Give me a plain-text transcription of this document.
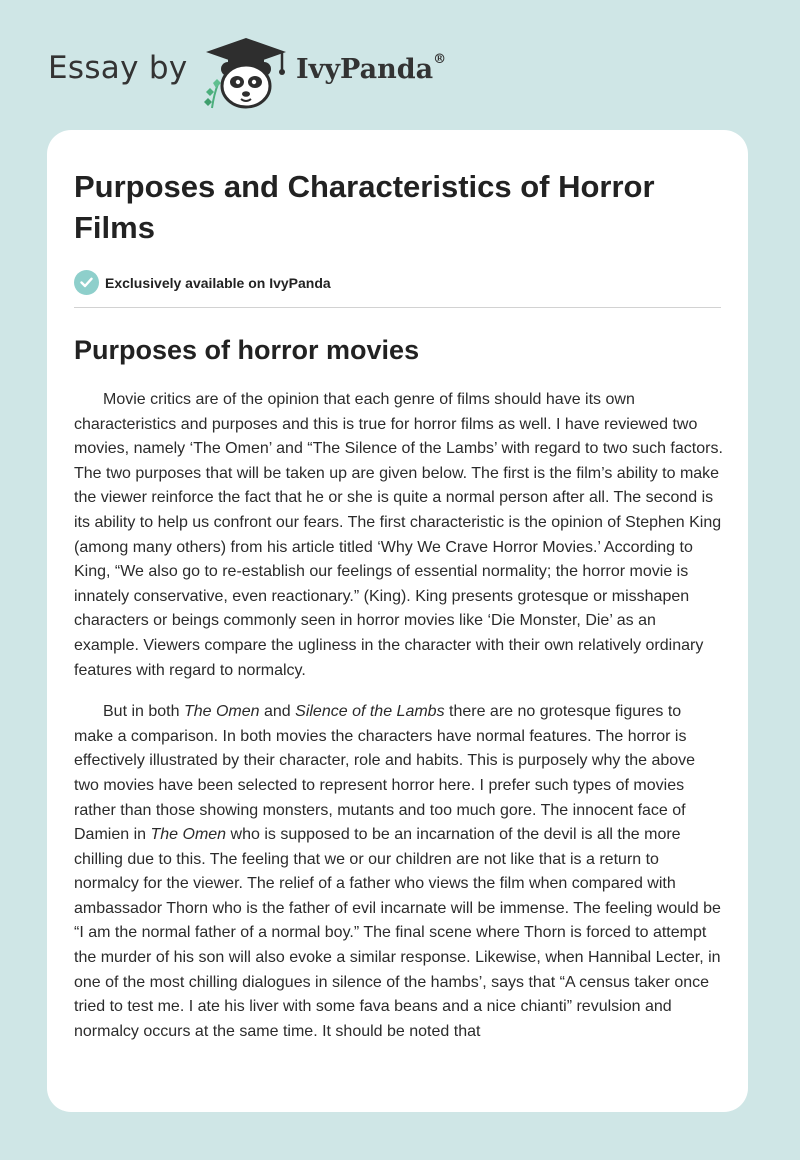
Essay by	IvyPanda®
Purposes and Characteristics of Horror Films
Exclusively available on IvyPanda
Purposes of horror movies

Movie critics are of the opinion that each genre of films should have its own characteristics and purposes and this is true for horror films as well. I have reviewed two movies, namely ‘The Omen’ and “The Silence of the Lambs’ with regard to two such factors. The two purposes that will be taken up are given below. The first is the film’s ability to make the viewer reinforce the fact that he or she is quite a normal person after all. The second is its ability to help us confront our fears. The first characteristic is the opinion of Stephen King (among many others) from his article titled ‘Why We Crave Horror Movies.’ According to King, “We also go to re-establish our feelings of essential normality; the horror movie is innately conservative, even reactionary.” (King). King presents grotesque or misshapen characters or beings commonly seen in horror movies like ‘Die Monster, Die’ as an example. Viewers compare the ugliness in the character with their own relatively ordinary features with regard to normalcy.

But in both The Omen and Silence of the Lambs there are no grotesque figures to make a comparison. In both movies the characters have normal features. The horror is effectively illustrated by their character, role and habits. This is purposely why the above two movies have been selected to represent horror here. I prefer such types of movies rather than those showing monsters, mutants and too much gore. The innocent face of Damien in The Omen who is supposed to be an incarnation of the devil is all the more chilling due to this. The feeling that we or our children are not like that is a return to normalcy for the viewer. The relief of a father who views the film when compared with ambassador Thorn who is the father of evil incarnate will be immense. The feeling would be “I am the normal father of a normal boy.” The final scene where Thorn is forced to attempt the murder of his son will also evoke a similar response. Likewise, when Hannibal Lecter, in one of the most chilling dialogues in silence of the hambs’, says that “A census taker once tried to test me. I ate his liver with some fava beans and a nice chianti” revulsion and normalcy occurs at the same time. It should be noted that
